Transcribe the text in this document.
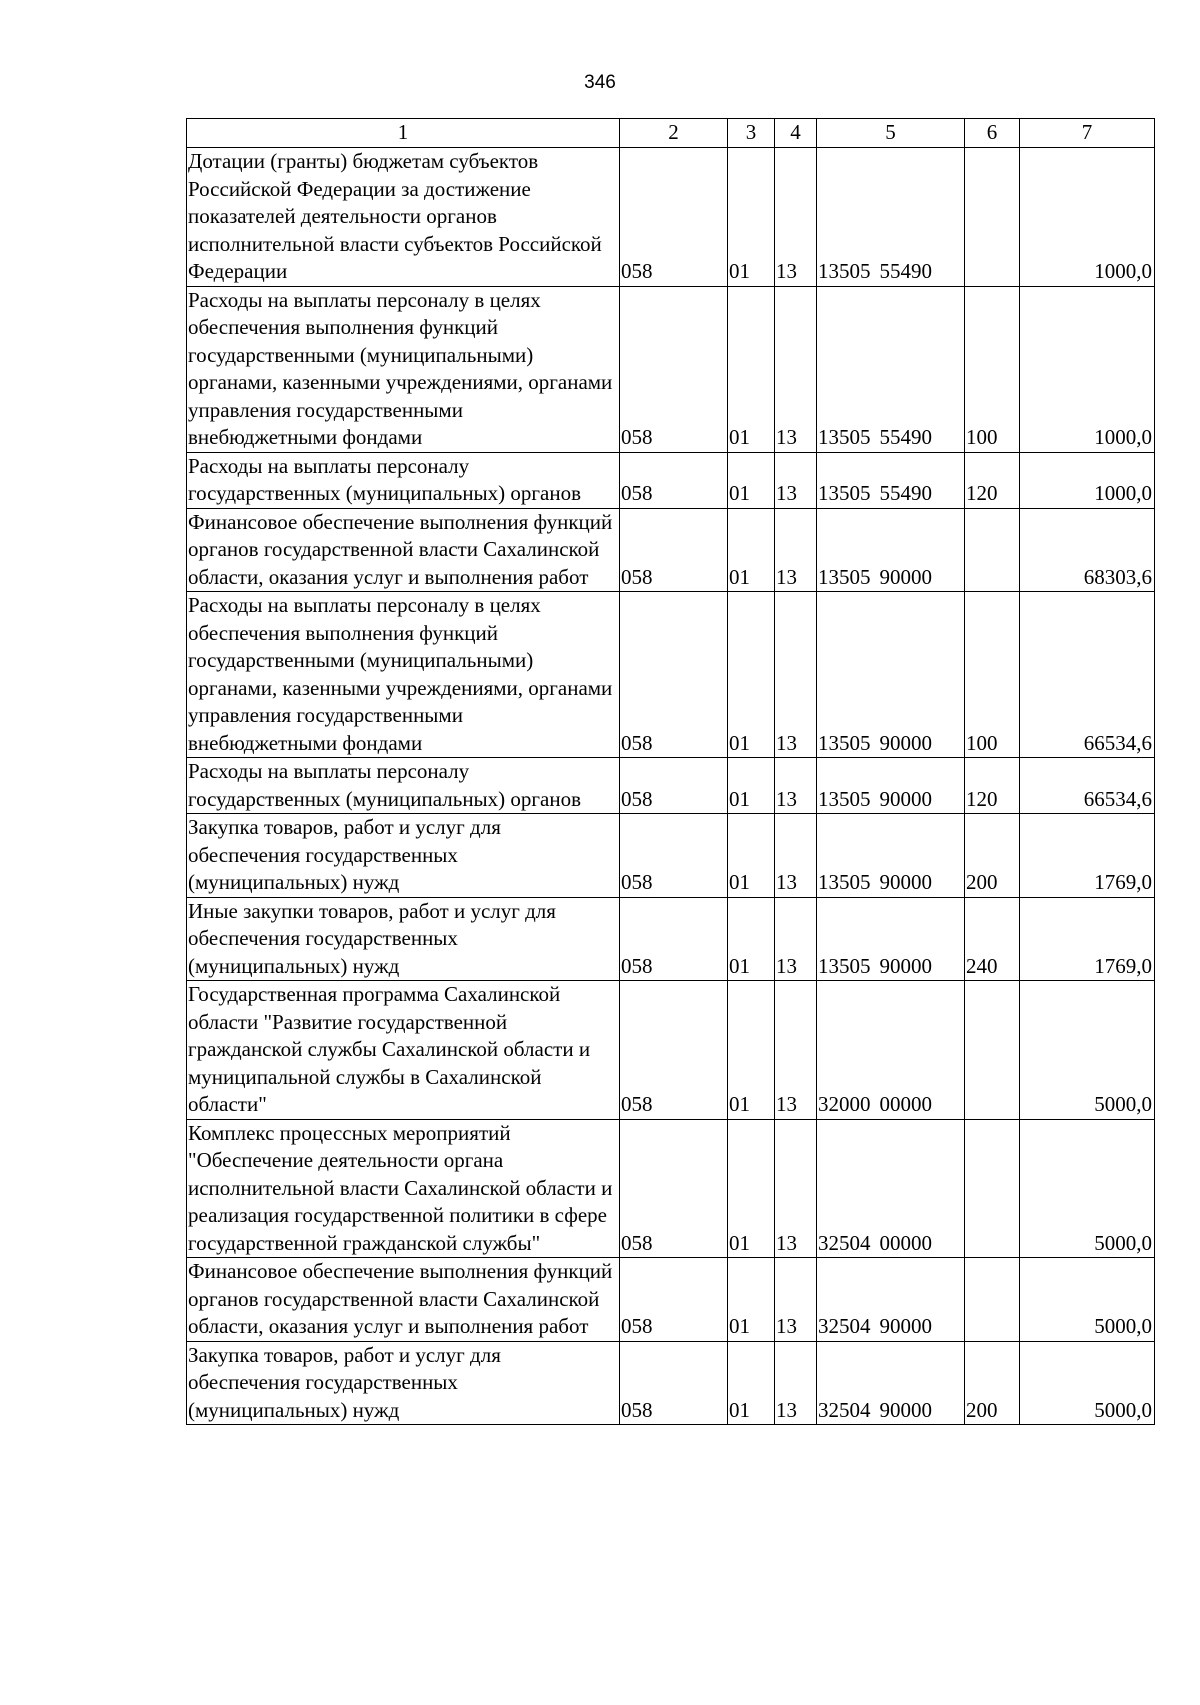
346
1	2	3	4	5	6	7
Дотации (гранты) бюджетам субъектов Российской Федерации за достижение показателей деятельности органов исполнительной власти субъектов Российской Федерации	058	01	13	13505 55490		1000,0
Расходы на выплаты персоналу в целях обеспечения выполнения функций государственными (муниципальными) органами, казенными учреждениями, органами управления государственными внебюджетными фондами	058	01	13	13505 55490	100	1000,0
Расходы на выплаты персоналу государственных (муниципальных) органов	058	01	13	13505 55490	120	1000,0
Финансовое обеспечение выполнения функций органов государственной власти Сахалинской области, оказания услуг и выполнения работ	058	01	13	13505 90000		68303,6
Расходы на выплаты персоналу в целях обеспечения выполнения функций государственными (муниципальными) органами, казенными учреждениями, органами управления государственными внебюджетными фондами	058	01	13	13505 90000	100	66534,6
Расходы на выплаты персоналу государственных (муниципальных) органов	058	01	13	13505 90000	120	66534,6
Закупка товаров, работ и услуг для обеспечения государственных (муниципальных) нужд	058	01	13	13505 90000	200	1769,0
Иные закупки товаров, работ и услуг для обеспечения государственных (муниципальных) нужд	058	01	13	13505 90000	240	1769,0
Государственная программа Сахалинской области "Развитие государственной гражданской службы Сахалинской области и муниципальной службы в Сахалинской области"	058	01	13	32000 00000		5000,0
Комплекс процессных мероприятий "Обеспечение деятельности органа исполнительной власти Сахалинской области и реализация государственной политики в сфере государственной гражданской службы"	058	01	13	32504 00000		5000,0
Финансовое обеспечение выполнения функций органов государственной власти Сахалинской области, оказания услуг и выполнения работ	058	01	13	32504 90000		5000,0
Закупка товаров, работ и услуг для обеспечения государственных (муниципальных) нужд	058	01	13	32504 90000	200	5000,0
